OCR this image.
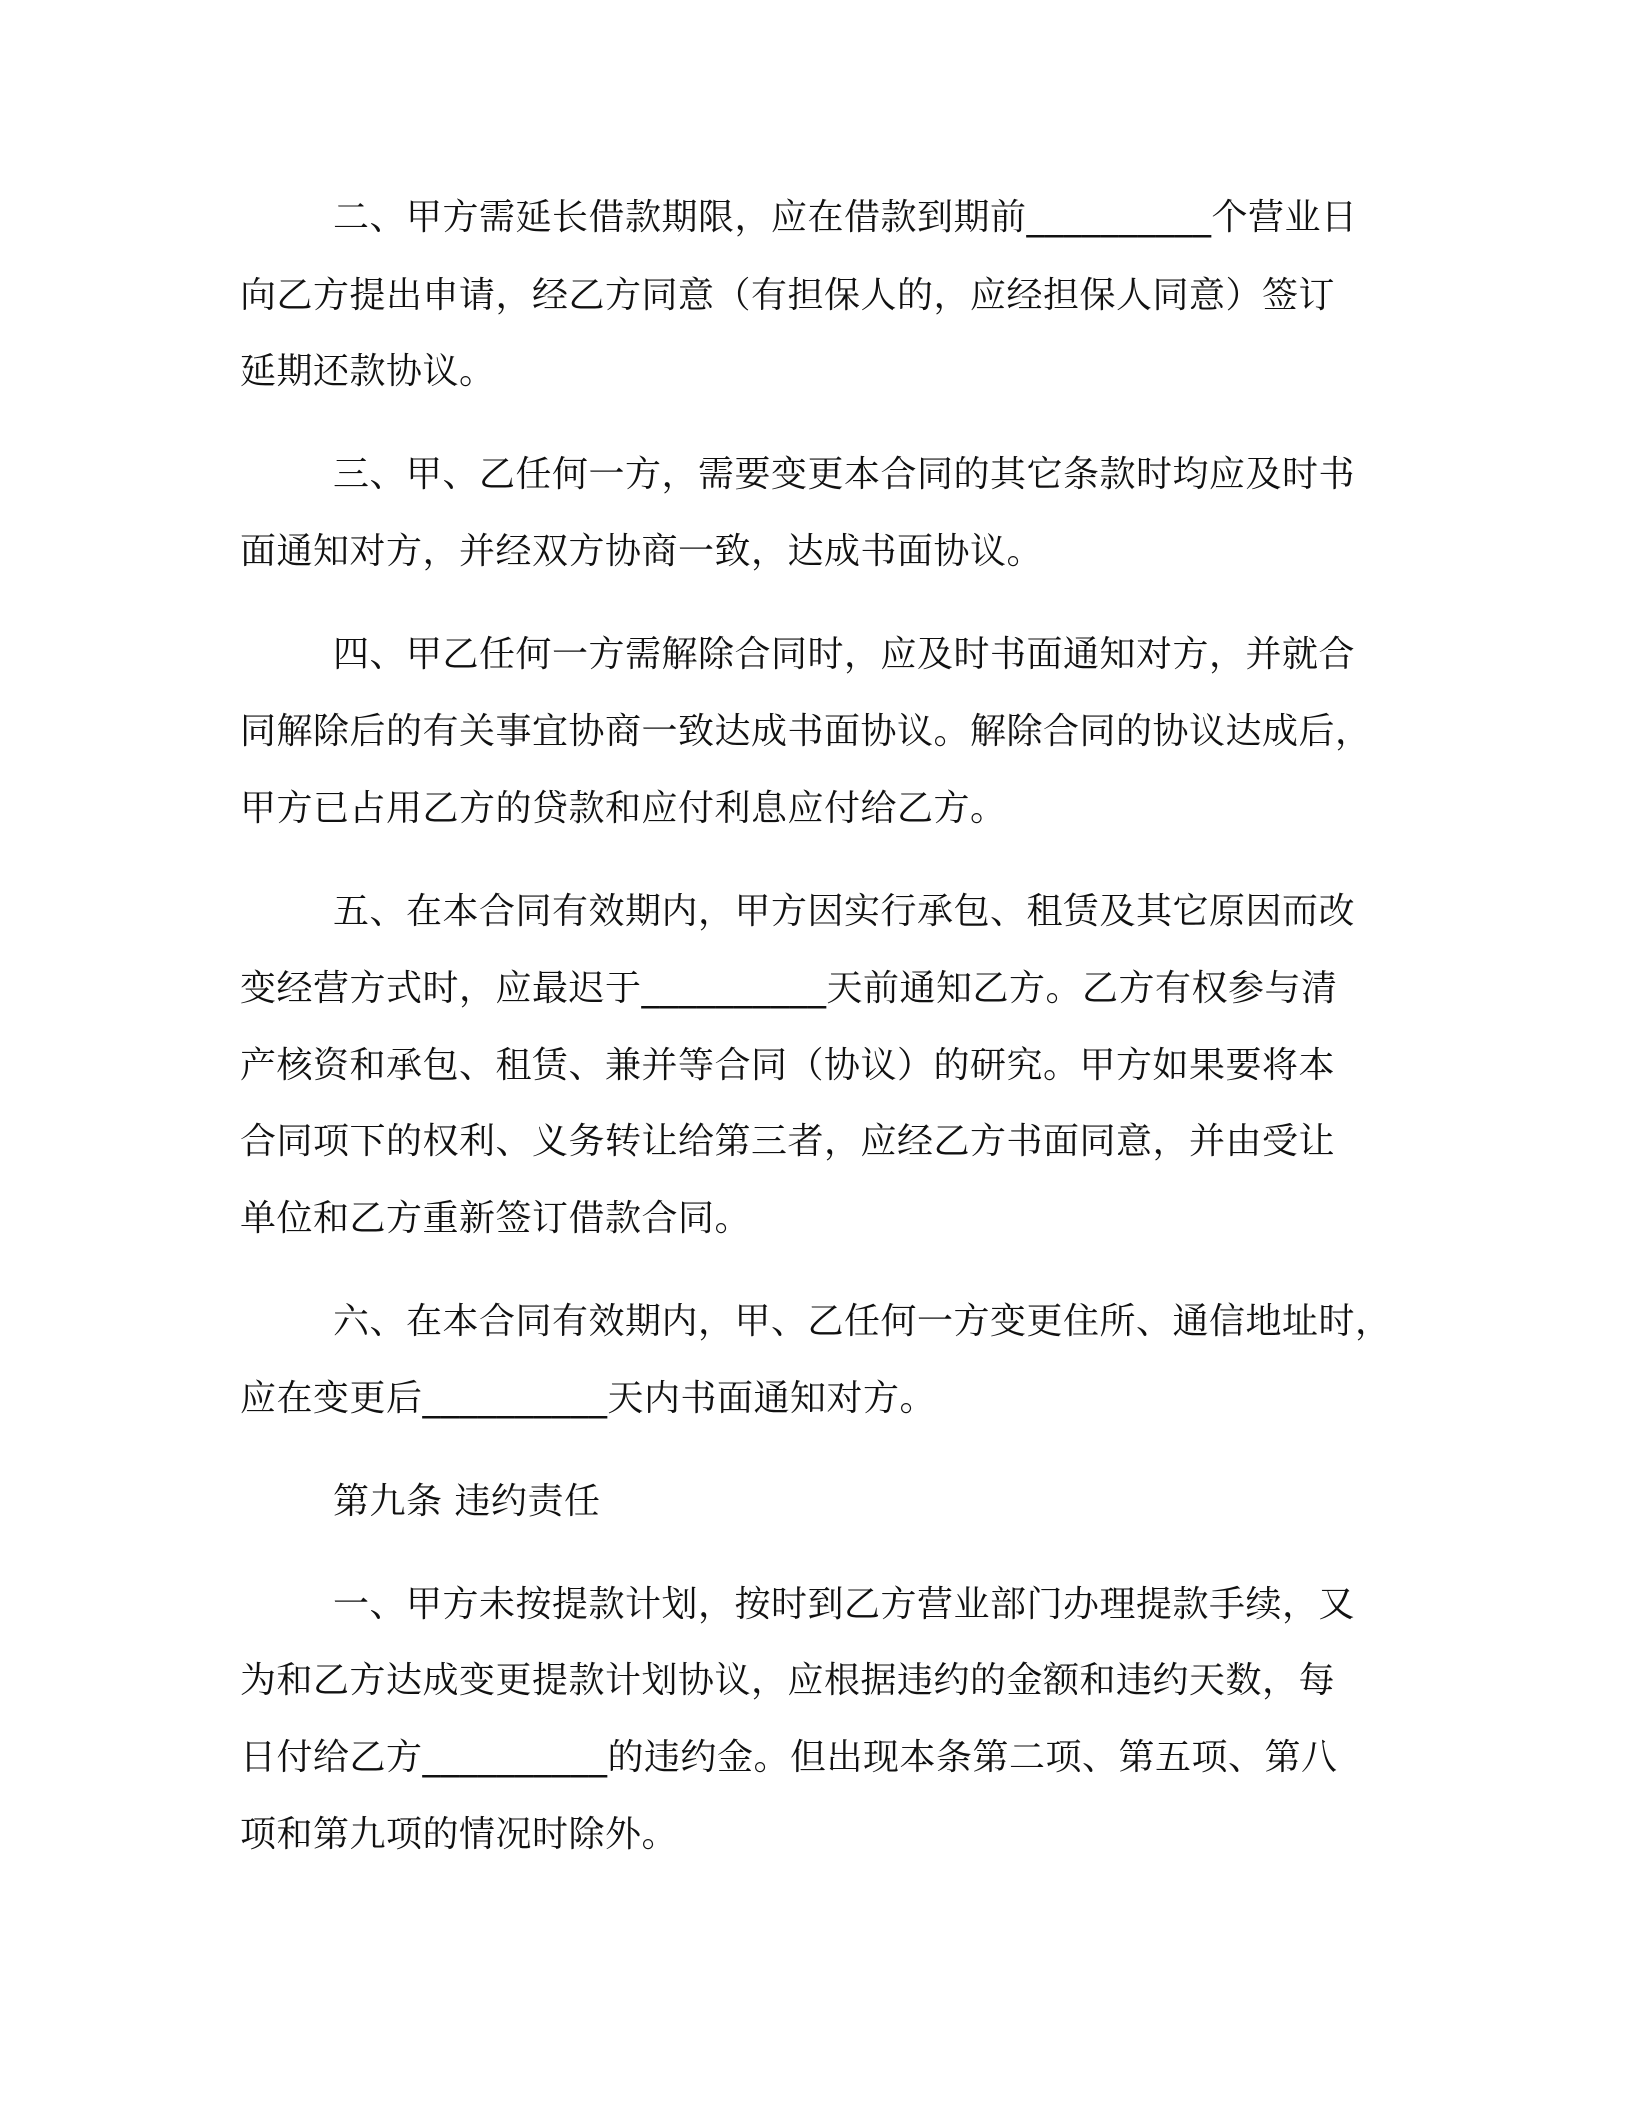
二、甲方需延长借款期限，应在借款到期前__________个营业日
向乙方提出申请，经乙方同意（有担保人的，应经担保人同意）签订
延期还款协议。
三、甲、乙任何一方，需要变更本合同的其它条款时均应及时书
面通知对方，并经双方协商一致，达成书面协议。
四、甲乙任何一方需解除合同时，应及时书面通知对方，并就合
同解除后的有关事宜协商一致达成书面协议。解除合同的协议达成后，
甲方已占用乙方的贷款和应付利息应付给乙方。
五、在本合同有效期内，甲方因实行承包、租赁及其它原因而改
变经营方式时，应最迟于__________天前通知乙方。乙方有权参与清
产核资和承包、租赁、兼并等合同（协议）的研究。甲方如果要将本
合同项下的权利、义务转让给第三者，应经乙方书面同意，并由受让
单位和乙方重新签订借款合同。
六、在本合同有效期内，甲、乙任何一方变更住所、通信地址时，
应在变更后__________天内书面通知对方。
第九条 违约责任
一、甲方未按提款计划，按时到乙方营业部门办理提款手续，又
为和乙方达成变更提款计划协议，应根据违约的金额和违约天数，每
日付给乙方__________的违约金。但出现本条第二项、第五项、第八
项和第九项的情况时除外。
